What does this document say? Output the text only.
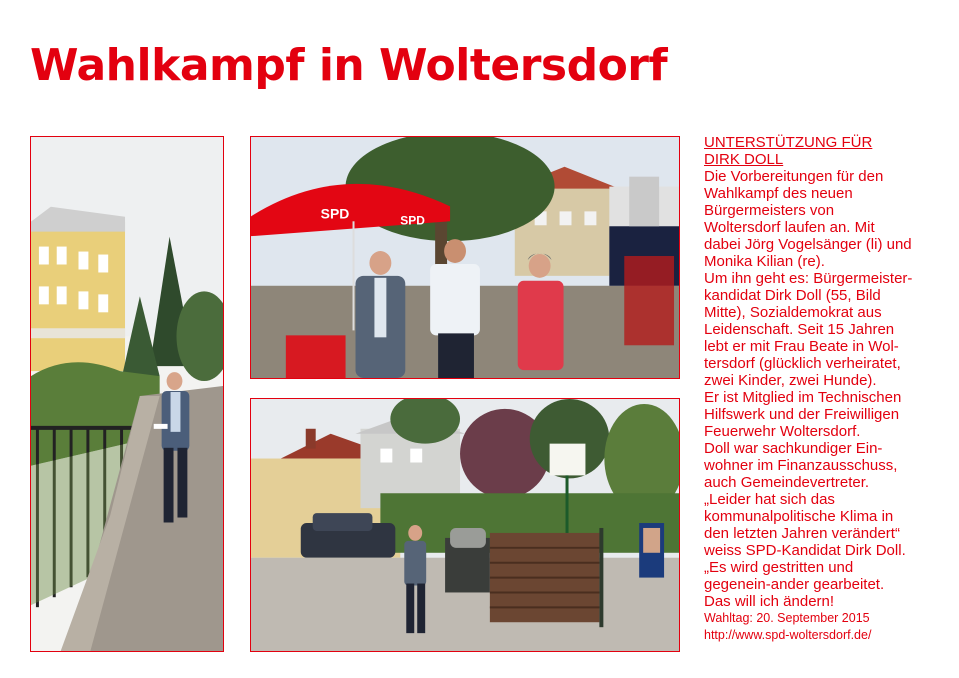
Wahlkampf in Woltersdorf
SPD	SPD
UNTERSTÜTZUNG FÜR
DIRK DOLL
Die Vorbereitungen für den
Wahlkampf des neuen
Bürgermeisters von
Woltersdorf laufen an. Mit
dabei Jörg Vogelsänger (li) und
Monika Kilian (re).
Um ihn geht es: Bürgermeister-
kandidat Dirk Doll (55, Bild
Mitte), Sozialdemokrat aus
Leidenschaft. Seit 15 Jahren
lebt er mit Frau Beate in Wol-
tersdorf (glücklich verheiratet,
zwei Kinder, zwei Hunde).
Er ist Mitglied im Technischen
Hilfswerk und der Freiwilligen
Feuerwehr Woltersdorf.
Doll war sachkundiger Ein-
wohner im Finanzausschuss,
auch Gemeindevertreter.
„Leider hat sich das
kommunalpolitische Klima in
den letzten Jahren verändert“
weiss SPD-Kandidat Dirk Doll.
„Es wird gestritten und
gegenein-ander gearbeitet.
Das will ich ändern!
Wahltag: 20. September 2015
http://www.spd-woltersdorf.de/
